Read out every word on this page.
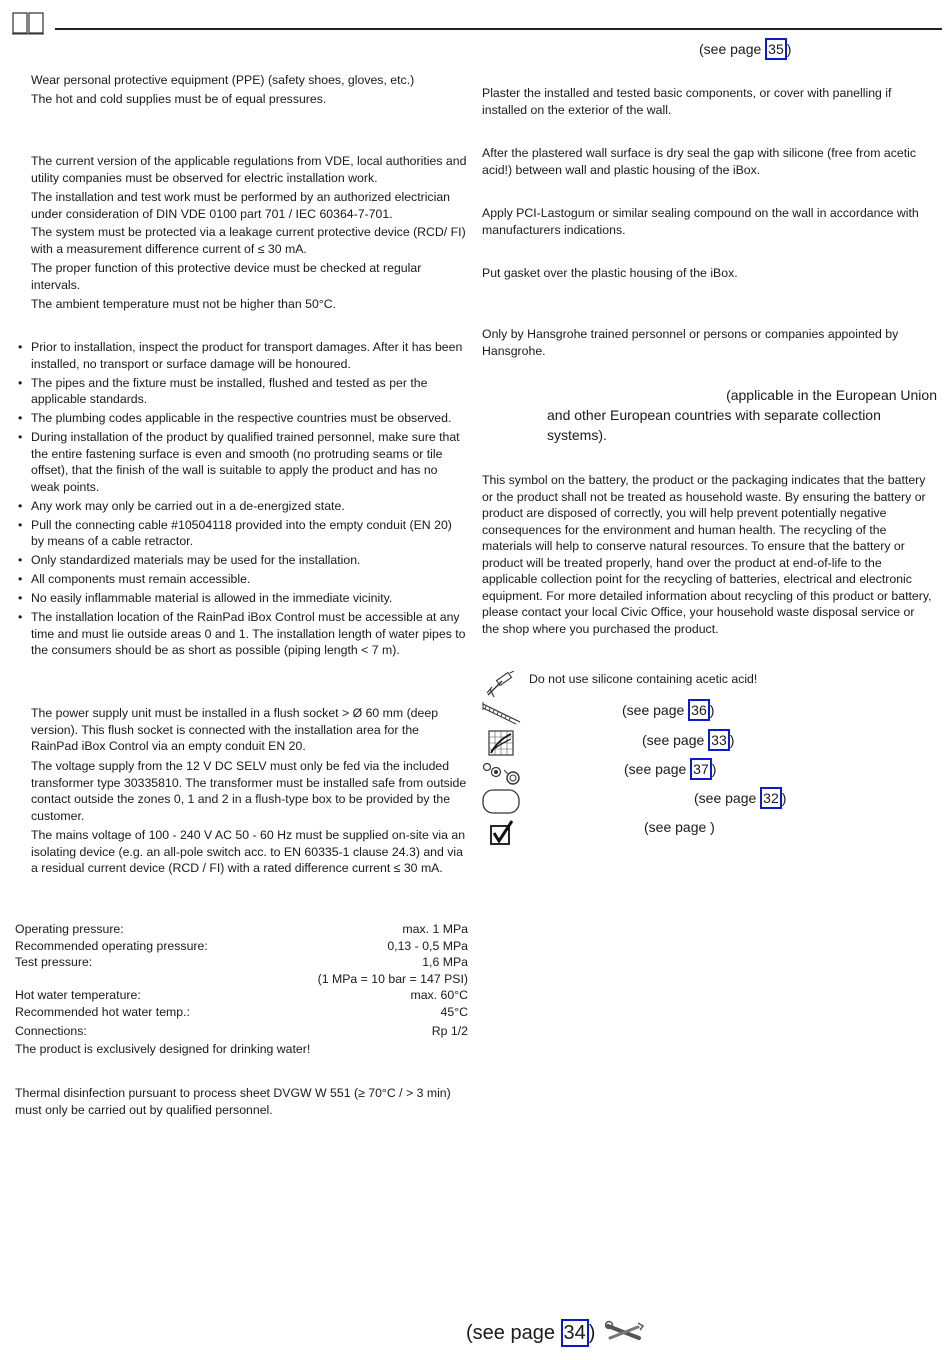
Wear personal protective equipment (PPE) (safety shoes, gloves, etc.)
The hot and cold supplies must be of equal pressures.
The current version of the applicable regulations from VDE, local authorities and utility companies must be observed for electric installation work.
The installation and test work must be performed by an authorized electrician under consideration of DIN VDE 0100 part 701 / IEC 60364-7-701.
The system must be protected via a leakage current protective device (RCD/ FI) with a measurement difference current of ≤ 30 mA.
The proper function of this protective device must be checked at regular intervals.
The ambient temperature must not be higher than 50°C.
• Prior to installation, inspect the product for transport damages. After it has been installed, no transport or surface damage will be honoured.
• The pipes and the fixture must be installed, flushed and tested as per the applicable standards.
• The plumbing codes applicable in the respective countries must be observed.
• During installation of the product by qualified trained personnel, make sure that the entire fastening surface is even and smooth (no protruding seams or tile offset), that the finish of the wall is suitable to apply the product and has no weak points.
• Any work may only be carried out in a de-energized state.
• Pull the connecting cable #10504118 provided into the empty conduit (EN 20) by means of a cable retractor.
• Only standardized materials may be used for the installation.
• All components must remain accessible.
• No easily inflammable material is allowed in the immediate vicinity.
• The installation location of the RainPad iBox Control must be accessible at any time and must lie outside areas 0 and 1. The installation length of water pipes to the consumers should be as short as possible (piping length < 7 m).
The power supply unit must be installed in a flush socket > Ø 60 mm (deep version). This flush socket is connected with the installation area for the RainPad iBox Control via an empty conduit EN 20.
The voltage supply from the 12 V DC SELV must only be fed via the included transformer type 30335810. The transformer must be installed safe from outside contact outside the zones 0, 1 and 2 in a flush-type box to be provided by the customer.
The mains voltage of 100 - 240 V AC 50 - 60 Hz must be supplied on-site via an isolating device (e.g. an all-pole switch acc. to EN 60335-1 clause 24.3) and via a residual current device (RCD / FI) with a rated difference current ≤ 30 mA.
Operating pressure:	max. 1 MPa
Recommended operating pressure:	0,13 - 0,5 MPa
Test pressure:	1,6 MPa
	(1 MPa = 10 bar = 147 PSI)
Hot water temperature:	max. 60°C
Recommended hot water temp.:	45°C
Connections:	Rp 1/2
The product is exclusively designed for drinking water!
Thermal disinfection pursuant to process sheet DVGW W 551 (≥ 70°C / > 3 min) must only be carried out by qualified personnel.
(see page 35 )
Plaster the installed and tested basic components, or cover with panelling if installed on the exterior of the wall.
After the plastered wall surface is dry seal the gap with silicone (free from acetic acid!) between wall and plastic housing of the iBox.
Apply PCI-Lastogum or similar sealing compound on the wall in accordance with manufacturers indications.
Put gasket over the plastic housing of the iBox.
Only by Hansgrohe trained personnel or persons or companies appointed by Hansgrohe.
(applicable in the European Union
and other European countries with separate collection systems).
This symbol on the battery, the product or the packaging indicates that the battery or the product shall not be treated as household waste. By ensuring the battery or product are disposed of correctly, you will help prevent potentially negative consequences for the environment and human health. The recycling of the materials will help to conserve natural resources. To ensure that the battery or product will be treated properly, hand over the product at end-of-life to the applicable collection point for the recycling of batteries, electrical and electronic equipment. For more detailed information about recycling of this product or battery, please contact your local Civic Office, your household waste disposal service or the shop where you purchased the product.
Do not use silicone containing acetic acid!
(see page 36 )
(see page 33 )
(see page 37 )
(see page 32 )
(see page )
(see page 34 )
